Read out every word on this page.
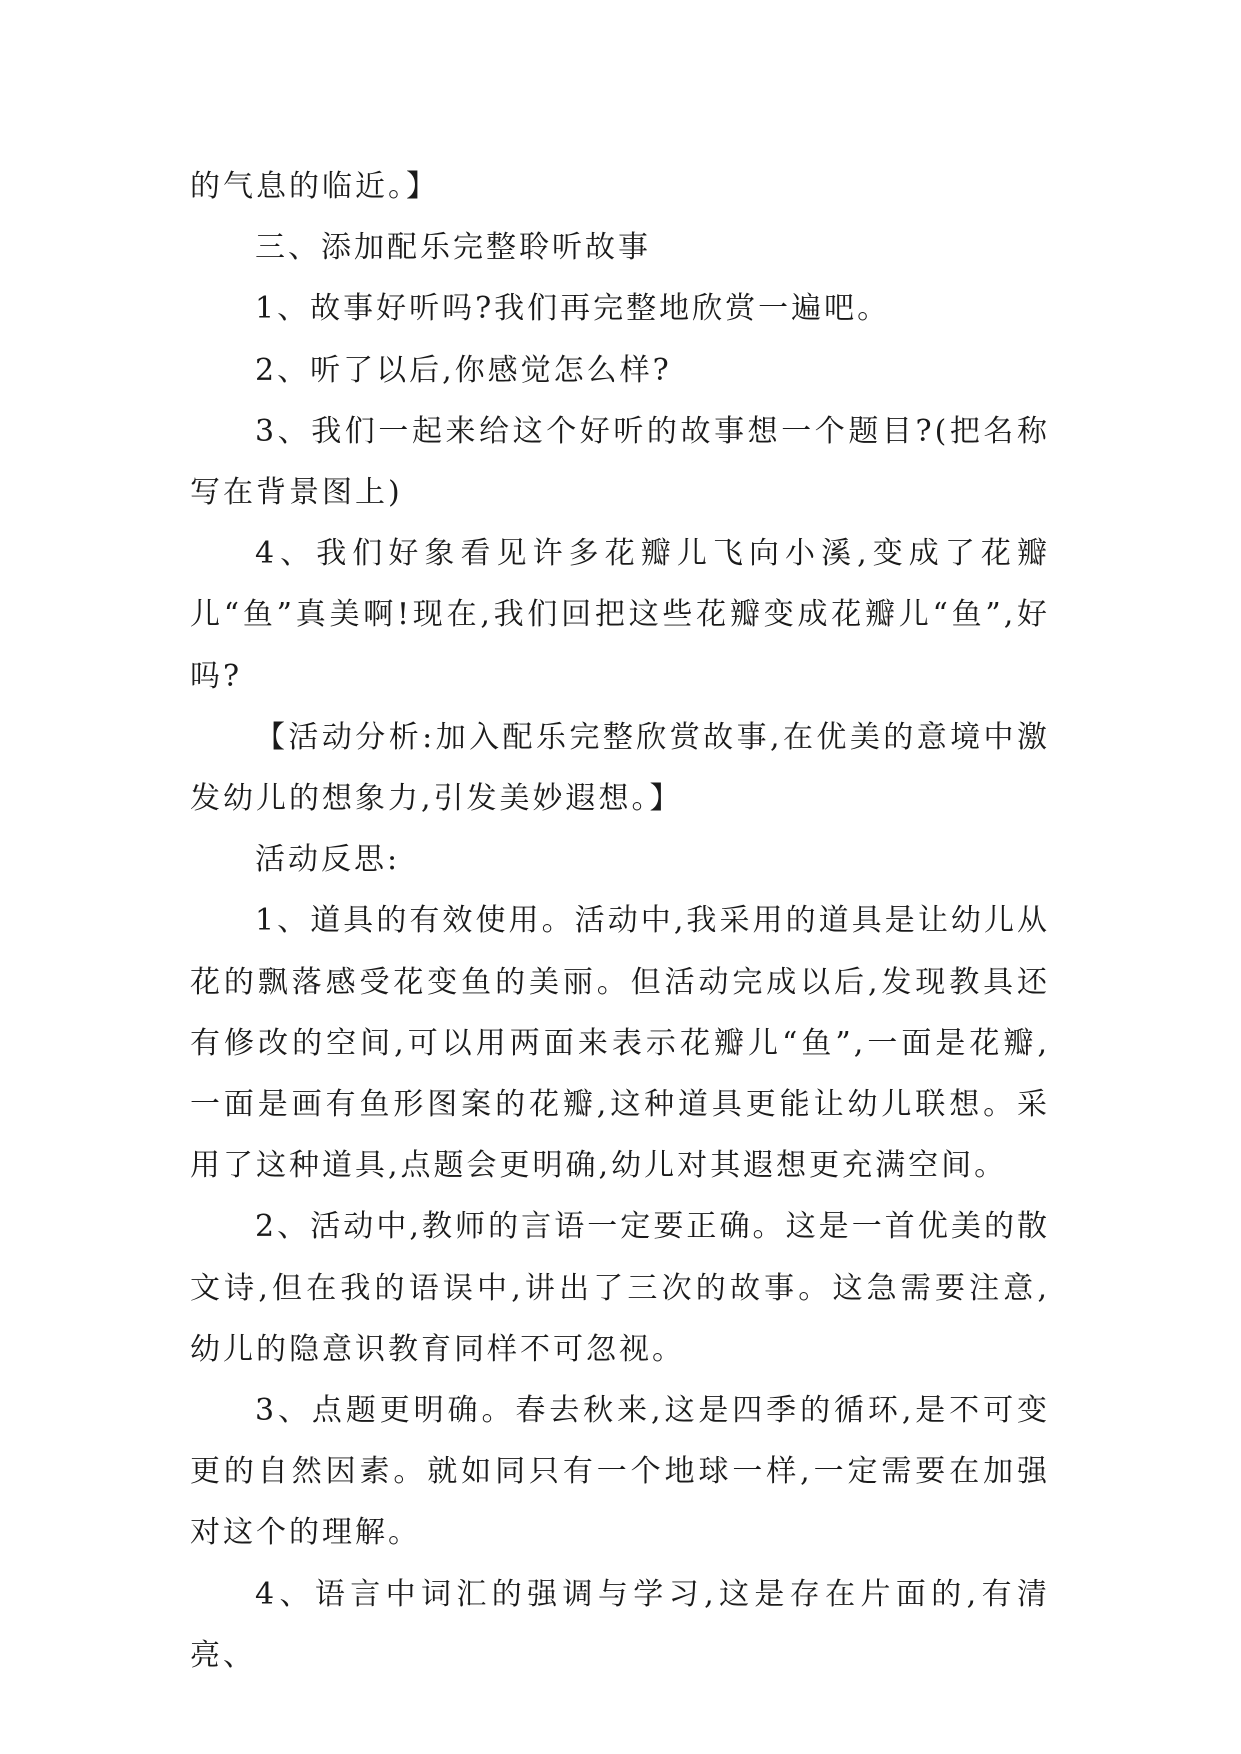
的气息的临近。】

三、添加配乐完整聆听故事

1、故事好听吗?我们再完整地欣赏一遍吧。

2、听了以后,你感觉怎么样?

3、我们一起来给这个好听的故事想一个题目?(把名称写在背景图上)

4、我们好象看见许多花瓣儿飞向小溪,变成了花瓣儿“鱼”真美啊!现在,我们回把这些花瓣变成花瓣儿“鱼”,好吗?

【活动分析:加入配乐完整欣赏故事,在优美的意境中激发幼儿的想象力,引发美妙遐想。】

活动反思:

1、道具的有效使用。活动中,我采用的道具是让幼儿从花的飘落感受花变鱼的美丽。但活动完成以后,发现教具还有修改的空间,可以用两面来表示花瓣儿“鱼”,一面是花瓣,一面是画有鱼形图案的花瓣,这种道具更能让幼儿联想。采用了这种道具,点题会更明确,幼儿对其遐想更充满空间。

2、活动中,教师的言语一定要正确。这是一首优美的散文诗,但在我的语误中,讲出了三次的故事。这急需要注意,幼儿的隐意识教育同样不可忽视。

3、点题更明确。春去秋来,这是四季的循环,是不可变更的自然因素。就如同只有一个地球一样,一定需要在加强对这个的理解。

4、语言中词汇的强调与学习,这是存在片面的,有清亮、
